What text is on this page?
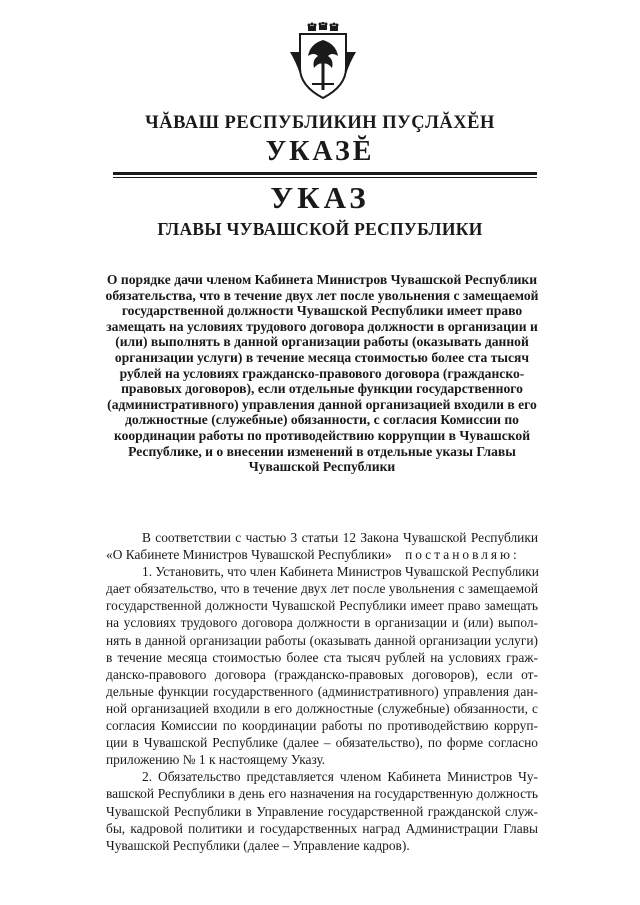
ЧĂВАШ РЕСПУБЛИКИН ПУÇЛĂХĔН
УКАЗĔ
УКАЗ
ГЛАВЫ ЧУВАШСКОЙ РЕСПУБЛИКИ
О порядке дачи членом Кабинета Министров Чувашской Республики
обязательства, что в течение двух лет после увольнения с замещаемой
государственной должности Чувашской Республики имеет право
замещать на условиях трудового договора должности в организации и
(или) выполнять в данной организации работы (оказывать данной
организации услуги) в течение месяца стоимостью более ста тысяч
рублей на условиях гражданско-правового договора (гражданско-
правовых договоров), если отдельные функции государственного
(административного) управления данной организацией входили в его
должностные (служебные) обязанности, с согласия Комиссии по
координации работы по противодействию коррупции в Чувашской
Республике, и о внесении изменений в отдельные указы Главы
Чувашской Республики
В соответствии с частью 3 статьи 12 Закона Чувашской Республики
«О Кабинете Министров Чувашской Республики» постановляю:
1. Установить, что член Кабинета Министров Чувашской Республики
дает обязательство, что в течение двух лет после увольнения с замещаемой
государственной должности Чувашской Республики имеет право замещать
на условиях трудового договора должности в организации и (или) выпол-
нять в данной организации работы (оказывать данной организации услуги)
в течение месяца стоимостью более ста тысяч рублей на условиях граж-
данско-правового договора (гражданско-правовых договоров), если от-
дельные функции государственного (административного) управления дан-
ной организацией входили в его должностные (служебные) обязанности, с
согласия Комиссии по координации работы по противодействию корруп-
ции в Чувашской Республике (далее – обязательство), по форме согласно
приложению № 1 к настоящему Указу.
2. Обязательство представляется членом Кабинета Министров Чу-
вашской Республики в день его назначения на государственную должность
Чувашской Республики в Управление государственной гражданской служ-
бы, кадровой политики и государственных наград Администрации Главы
Чувашской Республики (далее – Управление кадров).
